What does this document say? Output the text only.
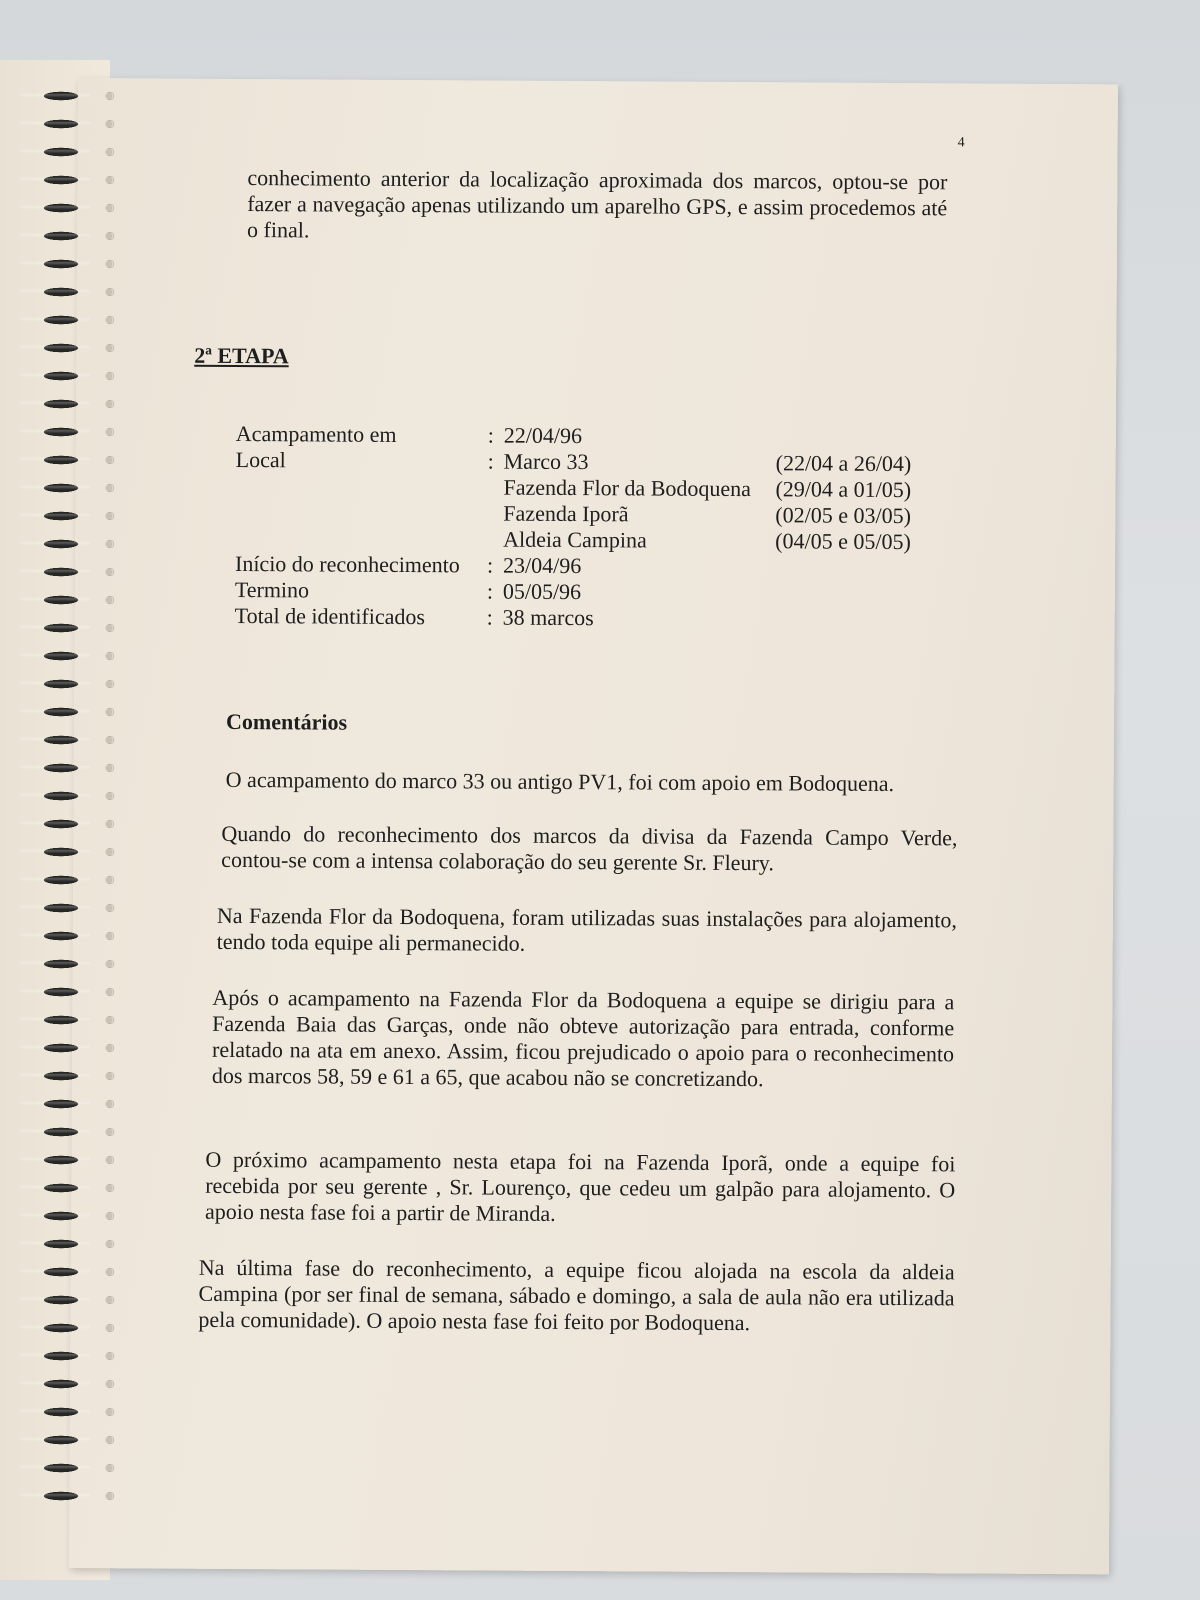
4
conhecimento anterior da localização aproximada dos marcos, optou-se por fazer a navegação apenas utilizando um aparelho GPS, e assim procedemos até o final.
2ª ETAPA
Acampamento em	: 22/04/96
Local	: Marco 33	(22/04 a 26/04)
Fazenda Flor da Bodoquena (29/04 a 01/05)
Fazenda Iporã	(02/05 e 03/05)
Aldeia Campina	(04/05 e 05/05)
Início do reconhecimento : 23/04/96
Termino	: 05/05/96
Total de identificados	: 38 marcos
Comentários
O acampamento do marco 33 ou antigo PV1, foi com apoio em Bodoquena.
Quando do reconhecimento dos marcos da divisa da Fazenda Campo Verde, contou-se com a intensa colaboração do seu gerente Sr. Fleury.
Na Fazenda Flor da Bodoquena, foram utilizadas suas instalações para alojamento, tendo toda equipe ali permanecido.
Após o acampamento na Fazenda Flor da Bodoquena a equipe se dirigiu para a Fazenda Baia das Garças, onde não obteve autorização para entrada, conforme relatado na ata em anexo. Assim, ficou prejudicado o apoio para o reconhecimento dos marcos 58, 59 e 61 a 65, que acabou não se concretizando.
O próximo acampamento nesta etapa foi na Fazenda Iporã, onde a equipe foi recebida por seu gerente , Sr. Lourenço, que cedeu um galpão para alojamento. O apoio nesta fase foi a partir de Miranda.
Na última fase do reconhecimento, a equipe ficou alojada na escola da aldeia Campina (por ser final de semana, sábado e domingo, a sala de aula não era utilizada pela comunidade). O apoio nesta fase foi feito por Bodoquena.
